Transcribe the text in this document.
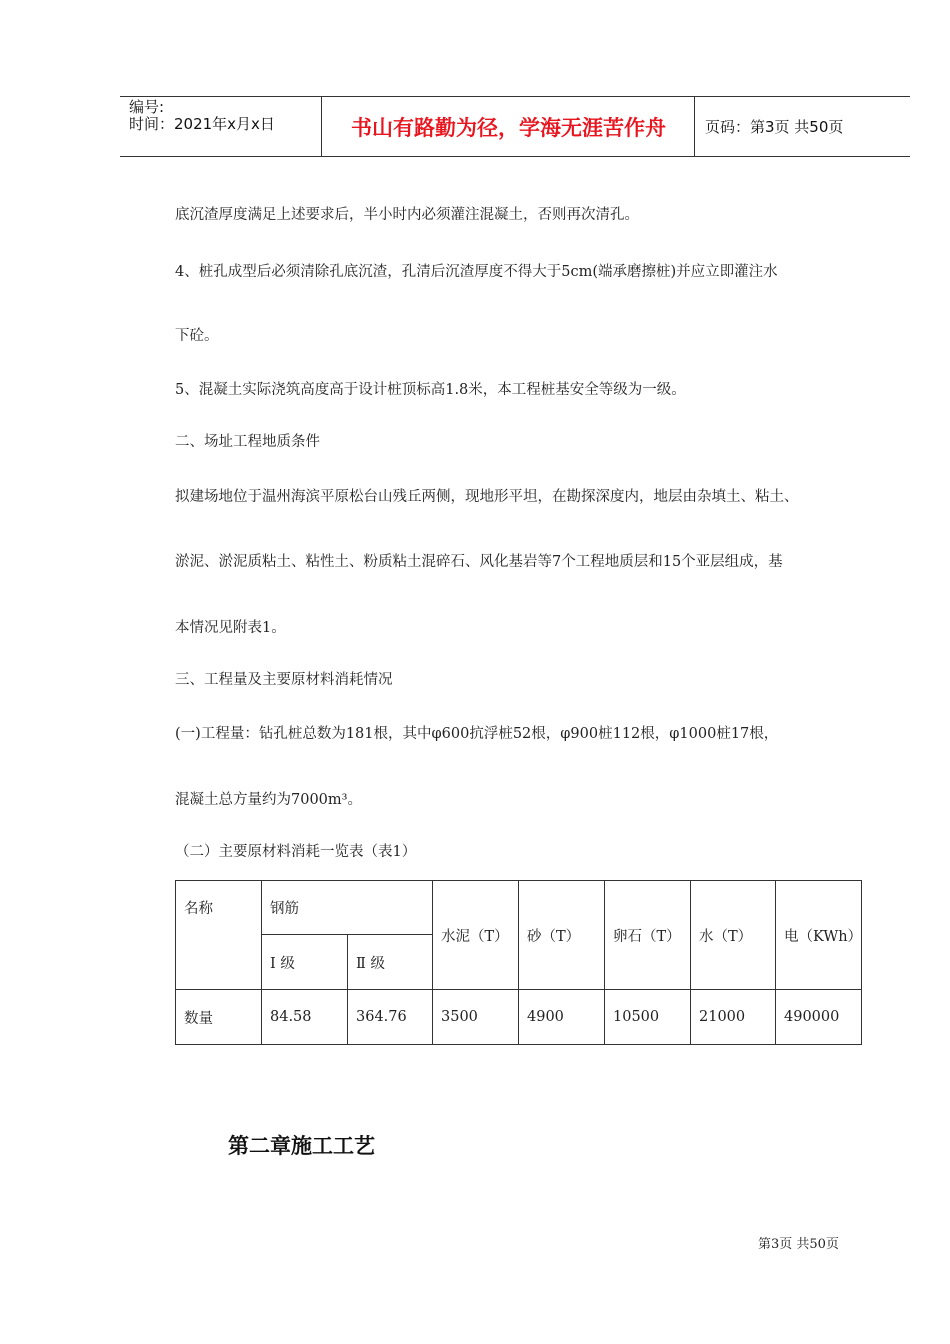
编号:
时间：2021年x月x日	书山有路勤为径，学海无涯苦作舟	页码：第3页 共50页
底沉渣厚度满足上述要求后，半小时内必须灌注混凝土，否则再次清孔。
4、桩孔成型后必须清除孔底沉渣，孔清后沉渣厚度不得大于5cm(端承磨擦桩)并应立即灌注水
下砼。
5、混凝土实际浇筑高度高于设计桩顶标高1.8米，本工程桩基安全等级为一级。
二、场址工程地质条件
拟建场地位于温州海滨平原松台山残丘两侧，现地形平坦，在勘探深度内，地层由杂填土、粘土、
淤泥、淤泥质粘土、粘性土、粉质粘土混碎石、风化基岩等7个工程地质层和15个亚层组成，基
本情况见附表1。
三、工程量及主要原材料消耗情况
(一)工程量：钻孔桩总数为181根，其中φ600抗浮桩52根，φ900桩112根，φ1000桩17根，
混凝土总方量约为7000m³。
（二）主要原材料消耗一览表（表1）
名称	钢筋		水泥（T）	砂（T）	卵石（T）	水（T）	电（KWh）
	Ⅰ 级	Ⅱ 级					
数量	84.58	364.76	3500	4900	10500	21000	490000
第二章施工工艺
第3页 共50页
